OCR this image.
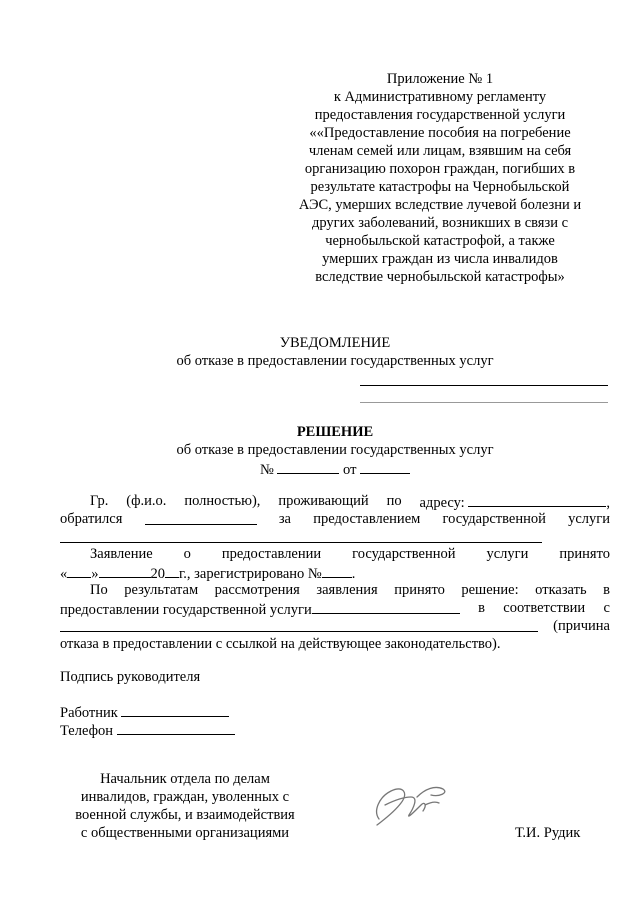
Приложение № 1
к Административному регламенту
предоставления государственной услуги
««Предоставление пособия на погребение
членам семей или лицам, взявшим на себя
организацию похорон граждан, погибших в
результате катастрофы на Чернобыльской
АЭС, умерших вследствие лучевой болезни и
других заболеваний, возникших в связи с
чернобыльской катастрофой, а также
умерших граждан из числа инвалидов
вследствие чернобыльской катастрофы»
УВЕДОМЛЕНИЕ
об отказе в предоставлении государственных услуг
РЕШЕНИЕ
об отказе в предоставлении государственных услуг
№	от
Гр. (ф.и.о. полностью), проживающий по адресу:	,
обратился	за предоставлением государственной услуги
Заявление о предоставлении государственной услуги принято
« »	20 г., зарегистрировано № .
По результатам рассмотрения заявления принято решение: отказать в
предоставлении государственной услуги	в соответствии с
(причина
отказа в предоставлении с ссылкой на действующее законодательство).
Подпись руководителя
Работник
Телефон
Начальник отдела по делам
инвалидов, граждан, уволенных с
военной службы, и взаимодействия
с общественными организациями	Т.И. Рудик
